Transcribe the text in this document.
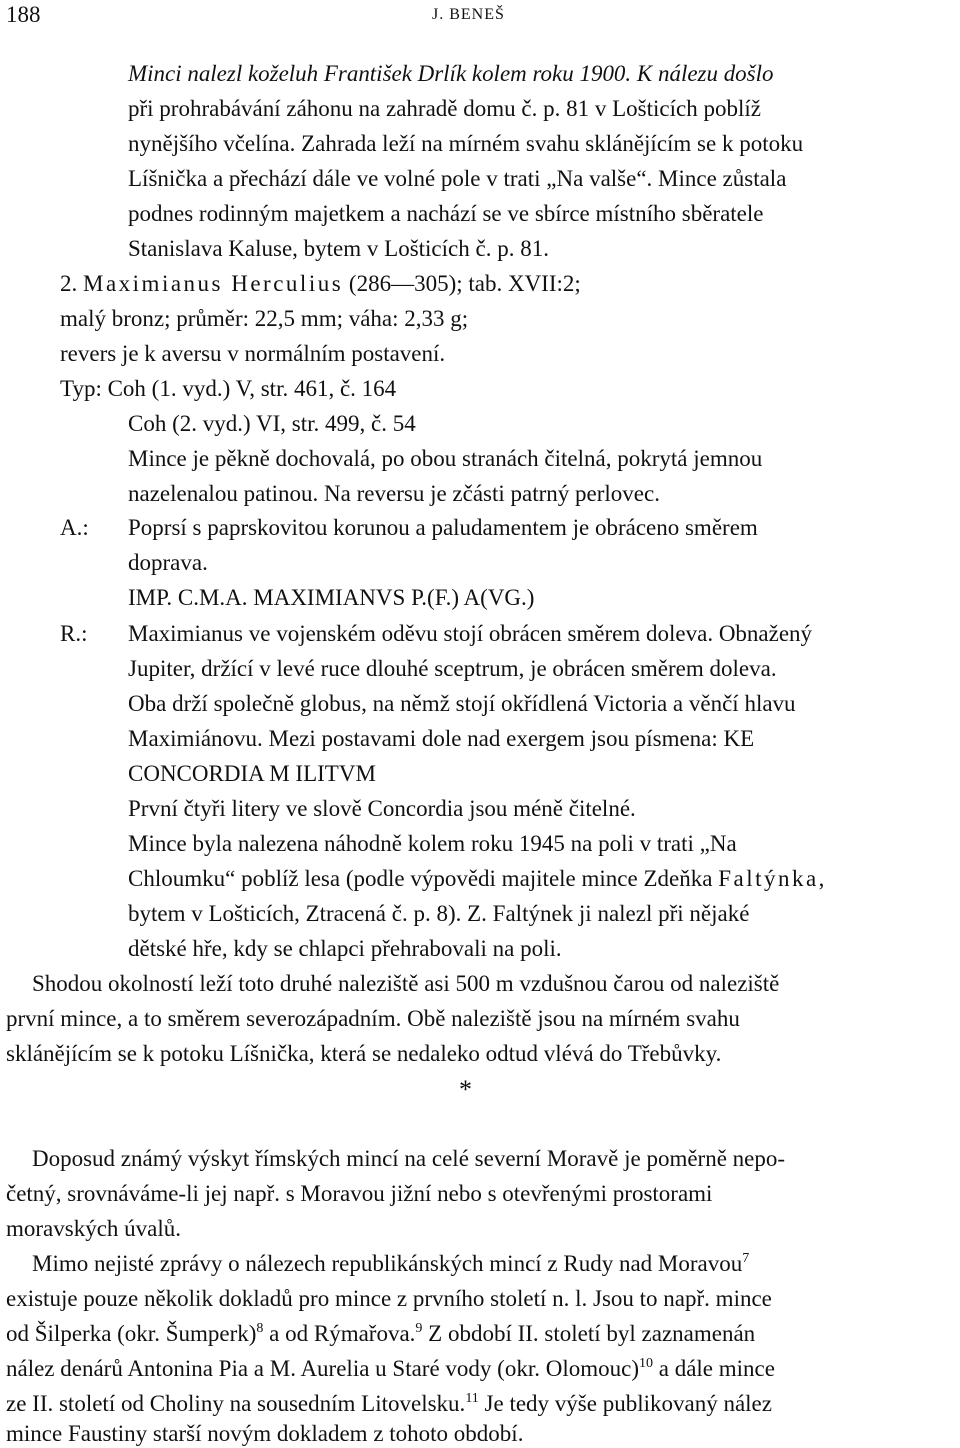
188	J. BENEŠ
Minci nalezl koželuh František Drlík kolem roku 1900. K nálezu došlo
při prohrabávání záhonu na zahradě domu č. p. 81 v Lošticích poblíž
nynějšího včelína. Zahrada leží na mírném svahu sklánějícím se k potoku
Líšnička a přechází dále ve volné pole v trati „Na valše“. Mince zůstala
podnes rodinným majetkem a nachází se ve sbírce místního sběratele
Stanislava Kaluse, bytem v Lošticích č. p. 81.
2. Maximianus Herculius (286—305); tab. XVII:2;
malý bronz; průměr: 22,5 mm; váha: 2,33 g;
revers je k aversu v normálním postavení.
Typ: Coh (1. vyd.) V, str. 461, č. 164
Coh (2. vyd.) VI, str. 499, č. 54
Mince je pěkně dochovalá, po obou stranách čitelná, pokrytá jemnou
nazelenalou patinou. Na reversu je zčásti patrný perlovec.
A.: Poprsí s paprskovitou korunou a paludamentem je obráceno směrem
doprava.
IMP. C.M.A. MAXIMIANVS P.(F.) A(VG.)
R.: Maximianus ve vojenském oděvu stojí obrácen směrem doleva. Obnažený
Jupiter, držící v levé ruce dlouhé sceptrum, je obrácen směrem doleva.
Oba drží společně globus, na němž stojí okřídlená Victoria a věnčí hlavu
Maximiánovu. Mezi postavami dole nad exergem jsou písmena: KE
CONCORDIA M ILITVM
První čtyři litery ve slově Concordia jsou méně čitelné.
Mince byla nalezena náhodně kolem roku 1945 na poli v trati „Na
Chloumku“ poblíž lesa (podle výpovědi majitele mince Zdeňka Faltýnka,
bytem v Lošticích, Ztracená č. p. 8). Z. Faltýnek ji nalezl při nějaké
dětské hře, kdy se chlapci přehrabovali na poli.
Shodou okolností leží toto druhé naleziště asi 500 m vzdušnou čarou od naleziště
první mince, a to směrem severozápadním. Obě naleziště jsou na mírném svahu
sklánějícím se k potoku Líšnička, která se nedaleko odtud vlévá do Třebůvky.
*
Doposud známý výskyt římských mincí na celé severní Moravě je poměrně nepo-
četný, srovnáváme-li jej např. s Moravou jižní nebo s otevřenými prostorami
moravských úvalů.
Mimo nejisté zprávy o nálezech republikánských mincí z Rudy nad Moravou$^7$
existuje pouze několik dokladů pro mince z prvního století n. l. Jsou to např. mince
od Šilperka (okr. Šumperk)$^8$ a od Rýmařova.$^9$ Z období II. století byl zaznamenán
nález denárů Antonina Pia a M. Aurelia u Staré vody (okr. Olomouc)$^{10}$ a dále mince
ze II. století od Choliny na sousedním Litovelsku.$^{11}$ Je tedy výše publikovaný nález
mince Faustiny starší novým dokladem z tohoto období.
